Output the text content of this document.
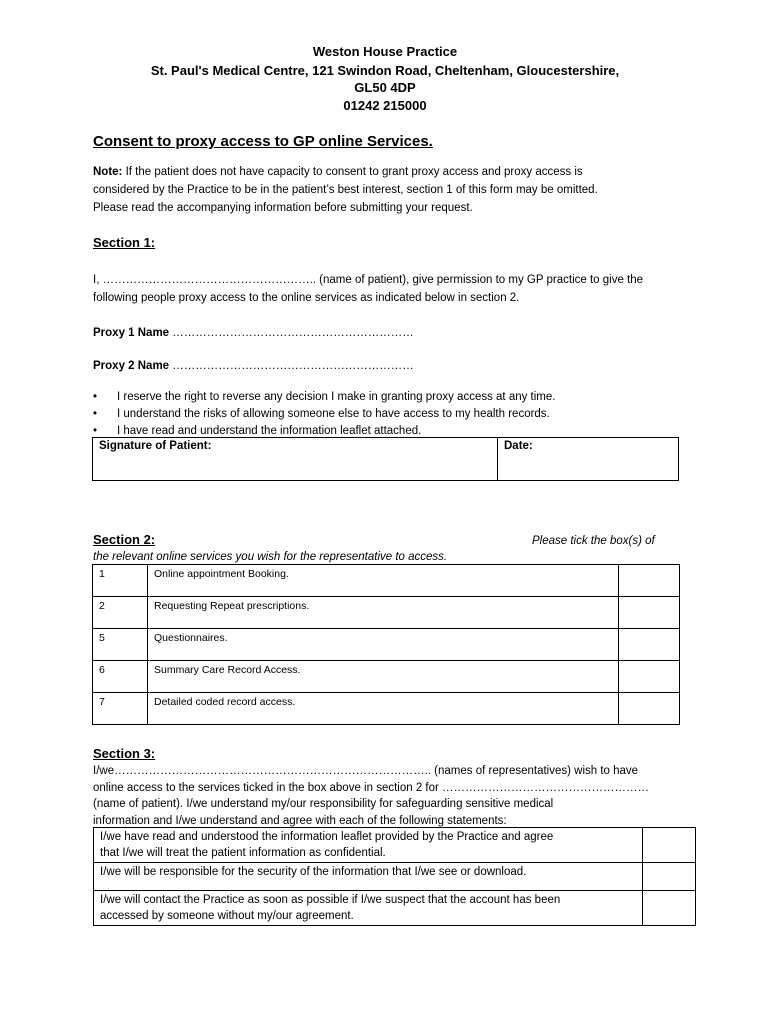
Weston House Practice
St. Paul's Medical Centre, 121 Swindon Road, Cheltenham, Gloucestershire,
GL50 4DP
01242 215000
Consent to proxy access to GP online Services.
Note: If the patient does not have capacity to consent to grant proxy access and proxy access is
considered by the Practice to be in the patient’s best interest, section 1 of this form may be omitted.
Please read the accompanying information before submitting your request.
Section 1:
I, ……………………………………………….. (name of patient), give permission to my GP practice to give the
following people proxy access to the online services as indicated below in section 2.
Proxy 1 Name ………………………………………………………
Proxy 2 Name ………………………………………………………
• I reserve the right to reverse any decision I make in granting proxy access at any time.
• I understand the risks of allowing someone else to have access to my health records.
• I have read and understand the information leaflet attached.
Signature of Patient:	Date:
Section 2:	Please tick the box(s) of
the relevant online services you wish for the representative to access.
1	Online appointment Booking.	
2	Requesting Repeat prescriptions.	
5	Questionnaires.	
6	Summary Care Record Access.	
7	Detailed coded record access.	
Section 3:
I/we……………………………………………………………………….. (names of representatives) wish to have
online access to the services ticked in the box above in section 2 for ………………………………………………
(name of patient). I/we understand my/our responsibility for safeguarding sensitive medical
information and I/we understand and agree with each of the following statements:
I/we have read and understood the information leaflet provided by the Practice and agree
that I/we will treat the patient information as confidential.	

I/we will be responsible for the security of the information that I/we see or download.	

I/we will contact the Practice as soon as possible if I/we suspect that the account has been
accessed by someone without my/our agreement.	
